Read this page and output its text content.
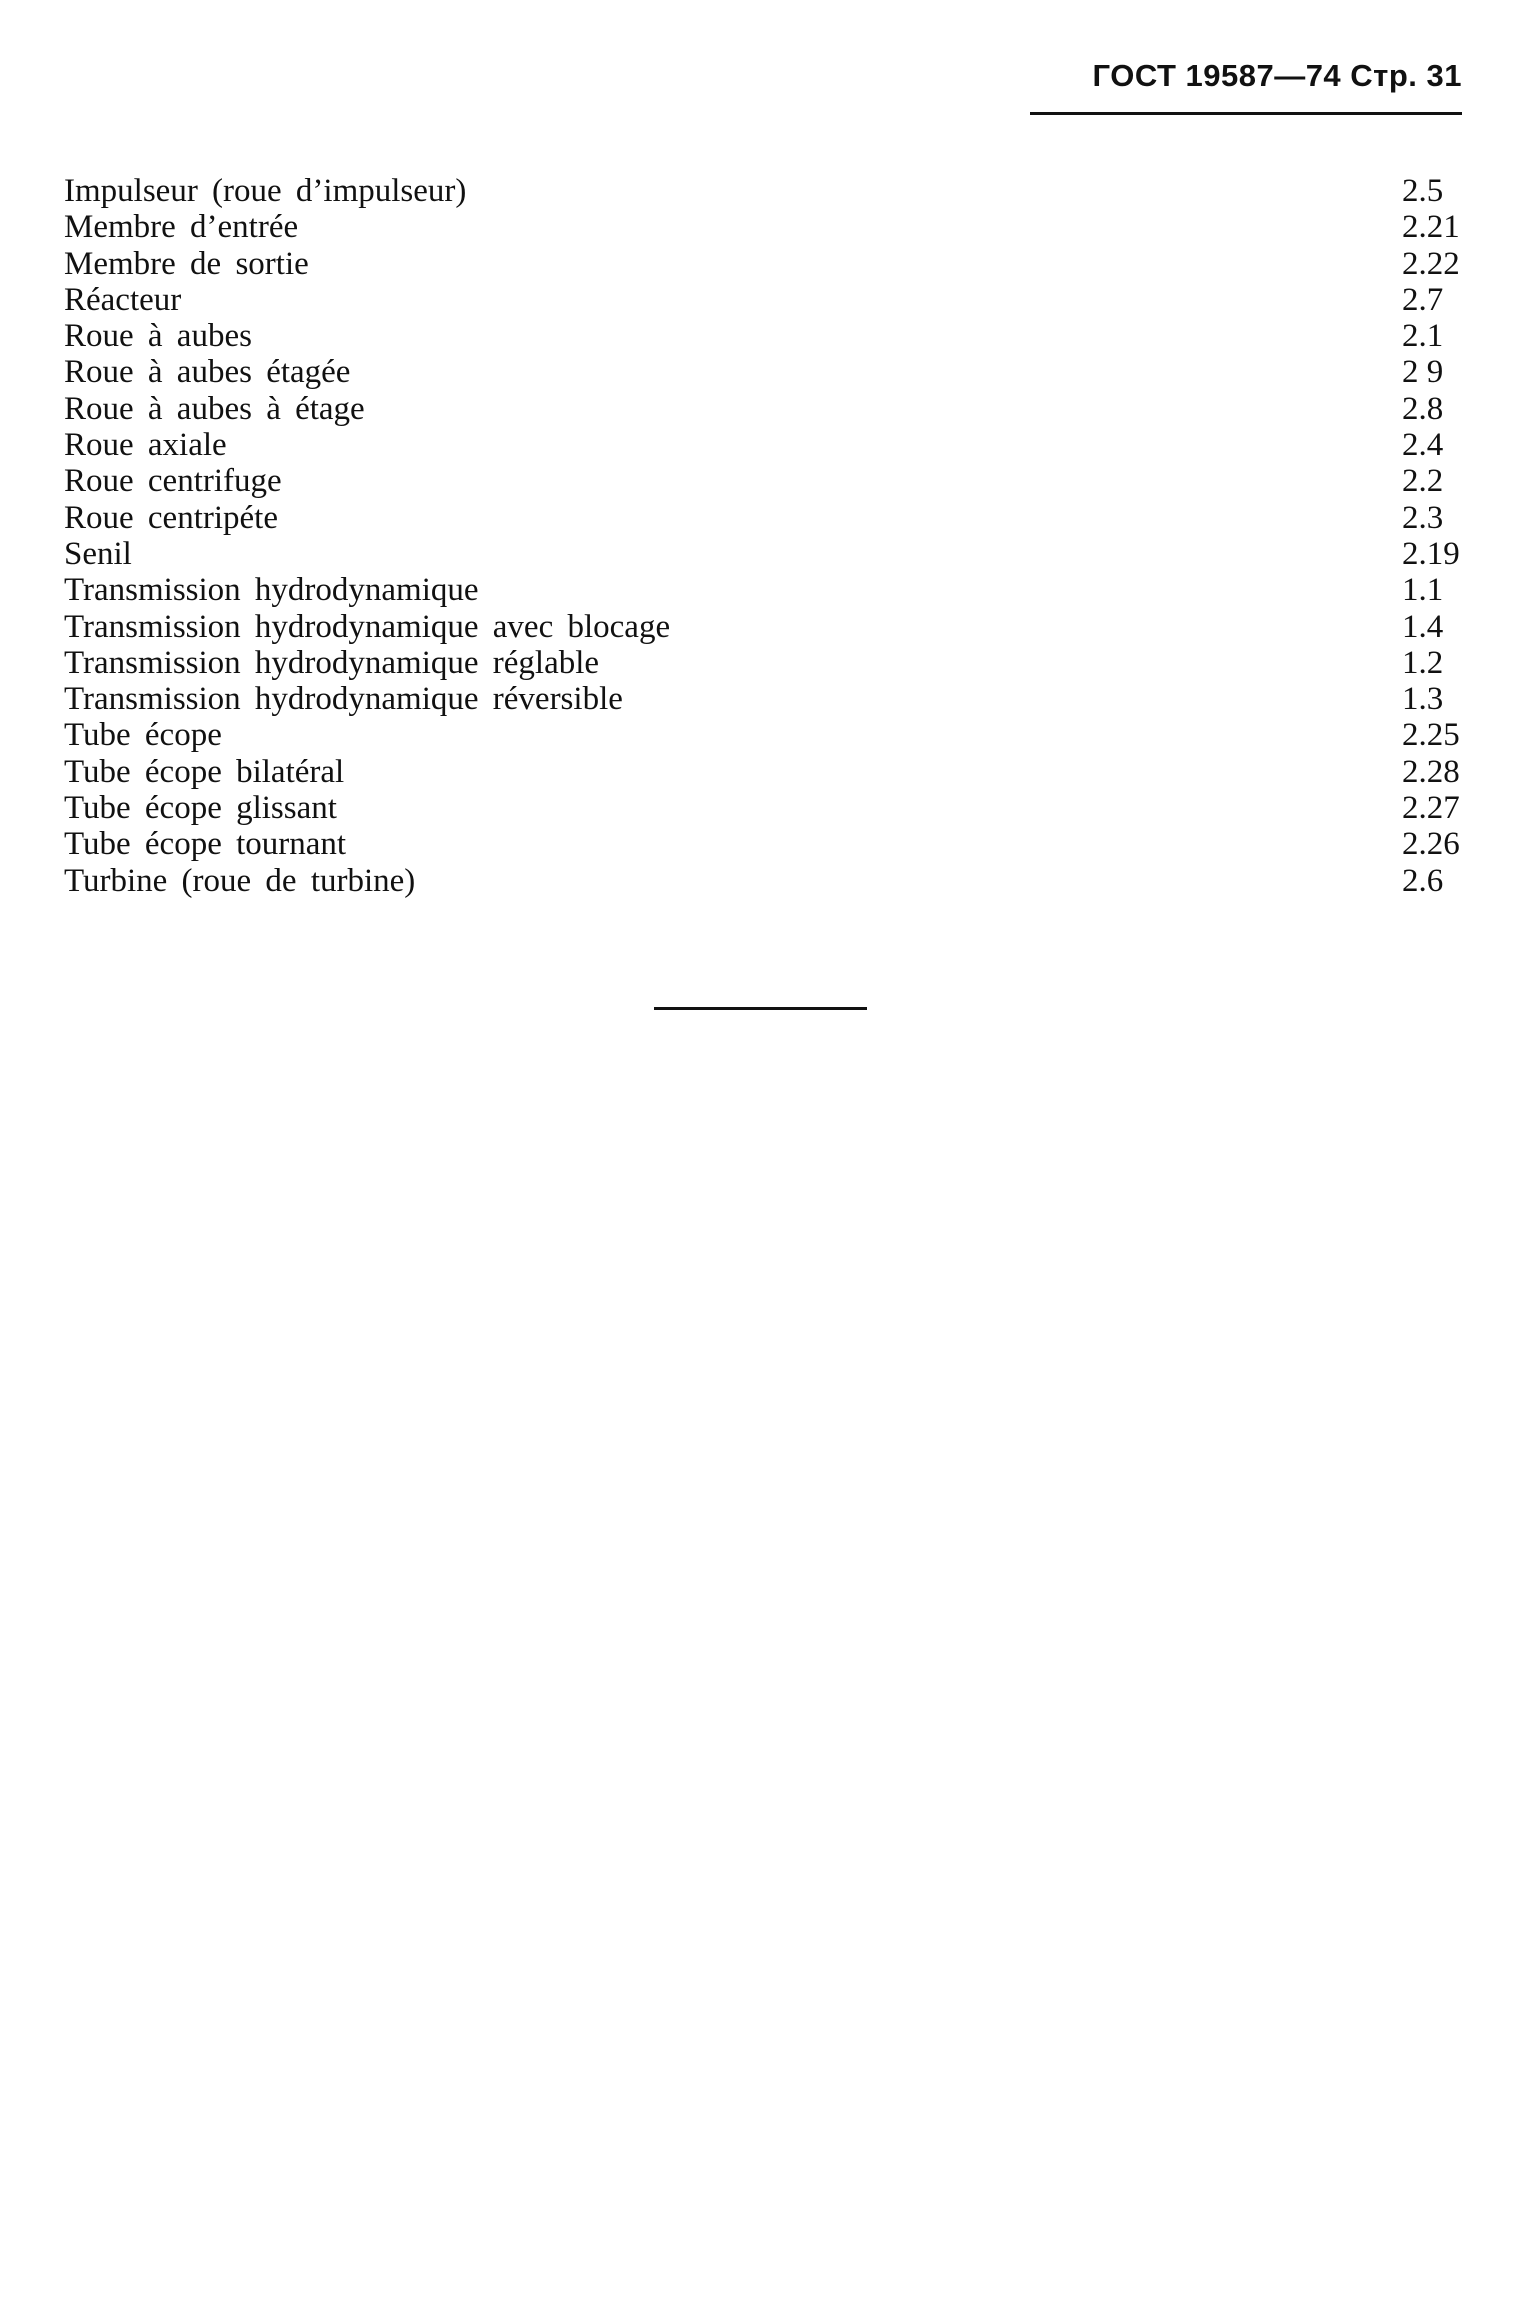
ГОСТ 19587—74 Стр. 31
Impulseur (roue d’impulseur)	2.5
Membre d’entrée	2.21
Membre de sortie	2.22
Réacteur	2.7
Roue à aubes	2.1
Roue à aubes étagée	2 9
Roue à aubes à étage	2.8
Roue axiale	2.4
Roue centrifuge	2.2
Roue centripéte	2.3
Senil	2.19
Transmission hydrodynamique	1.1
Transmission hydrodynamique avec blocage	1.4
Transmission hydrodynamique réglable	1.2
Transmission hydrodynamique réversible	1.3
Tube écope	2.25
Tube écope bilatéral	2.28
Tube écope glissant	2.27
Tube écope tournant	2.26
Turbine (roue de turbine)	2.6
